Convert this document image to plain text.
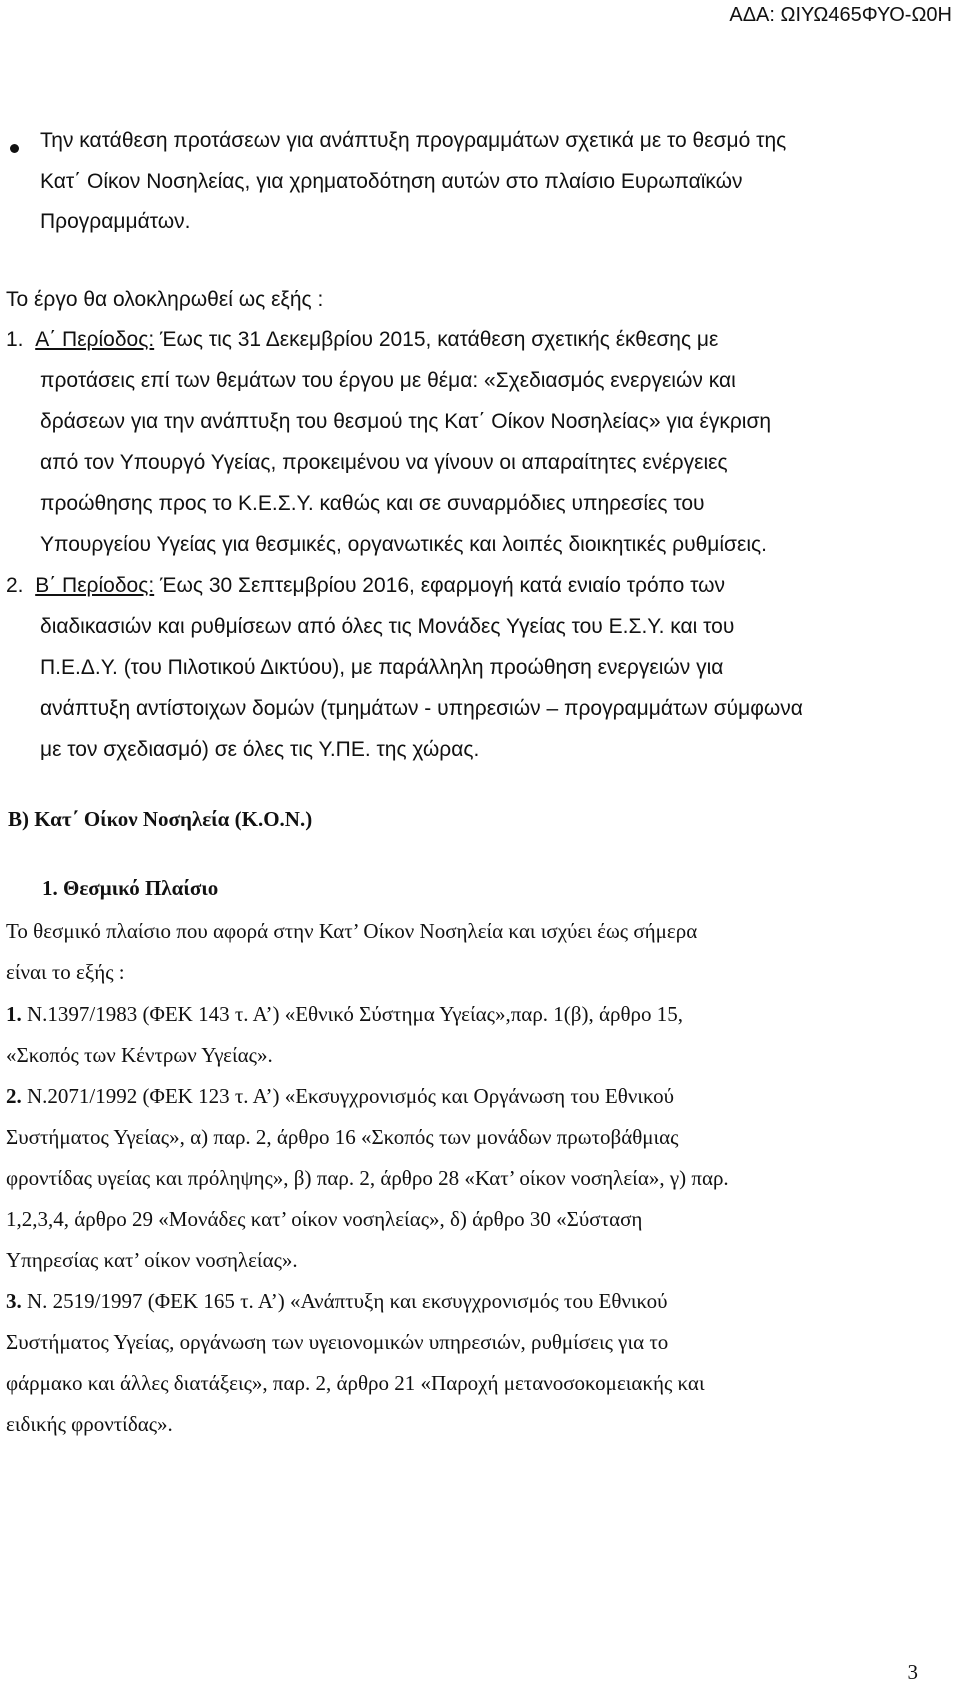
ΑΔΑ: ΩΙΥΩ465ΦΥΟ-Ω0Η
Την κατάθεση προτάσεων για ανάπτυξη προγραμμάτων σχετικά με το θεσμό της
Κατ΄ Οίκον Νοσηλείας, για χρηματοδότηση αυτών στο πλαίσιο Ευρωπαϊκών
Προγραμμάτων.
Το έργο θα ολοκληρωθεί ως εξής :
1. Α΄ Περίοδος: Έως τις 31 Δεκεμβρίου 2015, κατάθεση σχετικής έκθεσης με
προτάσεις επί των θεμάτων του έργου με θέμα: «Σχεδιασμός ενεργειών και
δράσεων για την ανάπτυξη του θεσμού της Κατ΄ Οίκον Νοσηλείας» για έγκριση
από τον Υπουργό Υγείας, προκειμένου να γίνουν οι απαραίτητες ενέργειες
προώθησης προς το Κ.Ε.Σ.Υ. καθώς και σε συναρμόδιες υπηρεσίες του
Υπουργείου Υγείας για θεσμικές, οργανωτικές και λοιπές διοικητικές ρυθμίσεις.
2. Β΄ Περίοδος: Έως 30 Σεπτεμβρίου 2016, εφαρμογή κατά ενιαίο τρόπο των
διαδικασιών και ρυθμίσεων από όλες τις Μονάδες Υγείας του Ε.Σ.Υ. και του
Π.Ε.Δ.Υ. (του Πιλοτικού Δικτύου), με παράλληλη προώθηση ενεργειών για
ανάπτυξη αντίστοιχων δομών (τμημάτων - υπηρεσιών – προγραμμάτων σύμφωνα
με τον σχεδιασμό) σε όλες τις Υ.ΠΕ. της χώρας.
Β) Κατ΄ Οίκον Νοσηλεία (Κ.Ο.Ν.)
1. Θεσμικό Πλαίσιο
Το θεσμικό πλαίσιο που αφορά στην Κατ’ Οίκον Νοσηλεία και ισχύει έως σήμερα
είναι το εξής :
1. Ν.1397/1983 (ΦΕΚ 143 τ. Α’) «Εθνικό Σύστημα Υγείας»,παρ. 1(β), άρθρο 15,
«Σκοπός των Κέντρων Υγείας».
2. Ν.2071/1992 (ΦΕΚ 123 τ. Α’) «Εκσυγχρονισμός και Οργάνωση του Εθνικού
Συστήματος Υγείας», α) παρ. 2, άρθρο 16 «Σκοπός των μονάδων πρωτοβάθμιας
φροντίδας υγείας και πρόληψης», β) παρ. 2, άρθρο 28 «Κατ’ οίκον νοσηλεία», γ) παρ.
1,2,3,4, άρθρο 29 «Μονάδες κατ’ οίκον νοσηλείας», δ) άρθρο 30 «Σύσταση
Υπηρεσίας κατ’ οίκον νοσηλείας».
3. Ν. 2519/1997 (ΦΕΚ 165 τ. Α’) «Ανάπτυξη και εκσυγχρονισμός του Εθνικού
Συστήματος Υγείας, οργάνωση των υγειονομικών υπηρεσιών, ρυθμίσεις για το
φάρμακο και άλλες διατάξεις», παρ. 2, άρθρο 21 «Παροχή μετανοσοκομειακής και
ειδικής φροντίδας».
3
